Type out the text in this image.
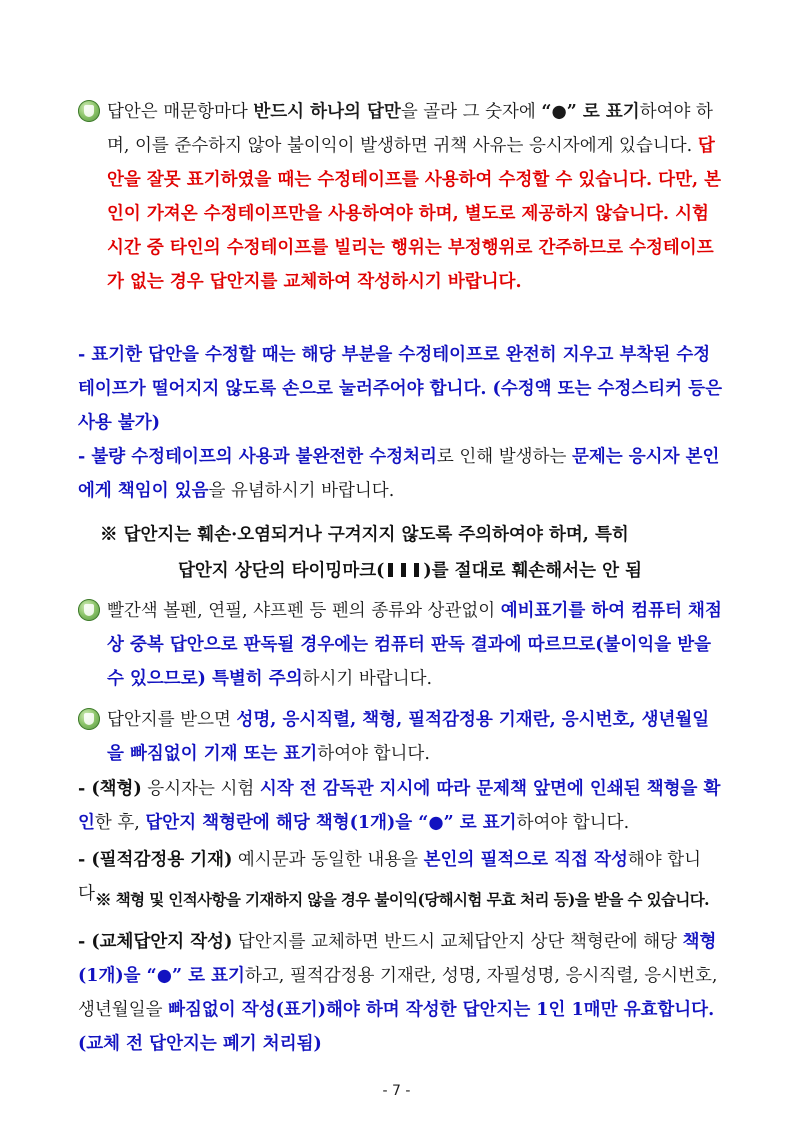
답안은 매문항마다 반드시 하나의 답만을 골라 그 숫자에 “●” 로 표기하여야 하며, 이를 준수하지 않아 불이익이 발생하면 귀책 사유는 응시자에게 있습니다. 답안을 잘못 표기하였을 때는 수정테이프를 사용하여 수정할 수 있습니다. 다만, 본인이 가져온 수정테이프만을 사용하여야 하며, 별도로 제공하지 않습니다. 시험시간 중 타인의 수정테이프를 빌리는 행위는 부정행위로 간주하므로 수정테이프가 없는 경우 답안지를 교체하여 작성하시기 바랍니다.
- 표기한 답안을 수정할 때는 해당 부분을 수정테이프로 완전히 지우고 부착된 수정테이프가 떨어지지 않도록 손으로 눌러주어야 합니다. (수정액 또는 수정스티커 등은 사용 불가)
- 불량 수정테이프의 사용과 불완전한 수정처리로 인해 발생하는 문제는 응시자 본인에게 책임이 있음을 유념하시기 바랍니다.
※ 답안지는 훼손·오염되거나 구겨지지 않도록 주의하여야 하며, 특히
답안지 상단의 타이밍마크( )를 절대로 훼손해서는 안 됨
빨간색 볼펜, 연필, 샤프펜 등 펜의 종류와 상관없이 예비표기를 하여 컴퓨터 채점상 중복 답안으로 판독될 경우에는 컴퓨터 판독 결과에 따르므로(불이익을 받을 수 있으므로) 특별히 주의하시기 바랍니다.
답안지를 받으면 성명, 응시직렬, 책형, 필적감정용 기재란, 응시번호, 생년월일을 빠짐없이 기재 또는 표기하여야 합니다.
- (책형) 응시자는 시험 시작 전 감독관 지시에 따라 문제책 앞면에 인쇄된 책형을 확인한 후, 답안지 책형란에 해당 책형(1개)을 “●” 로 표기하여야 합니다.
- (필적감정용 기재) 예시문과 동일한 내용을 본인의 필적으로 직접 작성해야 합니다.
※ 책형 및 인적사항을 기재하지 않을 경우 불이익(당해시험 무효 처리 등)을 받을 수 있습니다.
- (교체답안지 작성) 답안지를 교체하면 반드시 교체답안지 상단 책형란에 해당 책형(1개)을 “●” 로 표기하고, 필적감정용 기재란, 성명, 자필성명, 응시직렬, 응시번호, 생년월일을 빠짐없이 작성(표기)해야 하며 작성한 답안지는 1인 1매만 유효합니다. (교체 전 답안지는 폐기 처리됨)
- 7 -
